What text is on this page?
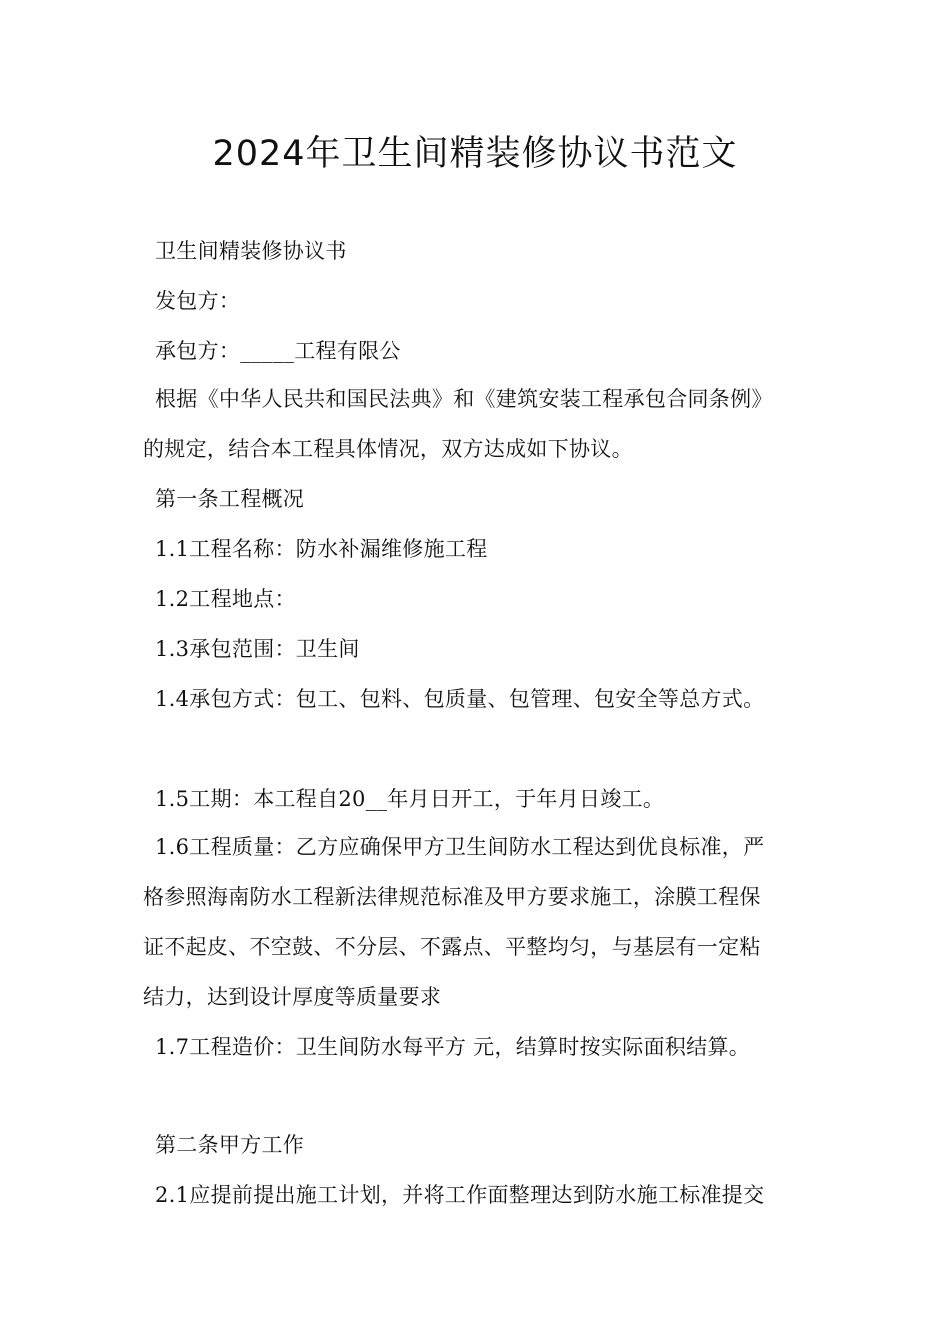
2024年卫生间精装修协议书范文
卫生间精装修协议书
发包方：
承包方：_____工程有限公
根据《中华人民共和国民法典》和《建筑安装工程承包合同条例》
的规定，结合本工程具体情况，双方达成如下协议。
第一条工程概况
1.1工程名称：防水补漏维修施工程
1.2工程地点：
1.3承包范围：卫生间
1.4承包方式：包工、包料、包质量、包管理、包安全等总方式。
1.5工期：本工程自20__年月日开工，于年月日竣工。
1.6工程质量：乙方应确保甲方卫生间防水工程达到优良标准，严
格参照海南防水工程新法律规范标准及甲方要求施工，涂膜工程保
证不起皮、不空鼓、不分层、不露点、平整均匀，与基层有一定粘
结力，达到设计厚度等质量要求
1.7工程造价：卫生间防水每平方 元，结算时按实际面积结算。
第二条甲方工作
2.1应提前提出施工计划，并将工作面整理达到防水施工标准提交
